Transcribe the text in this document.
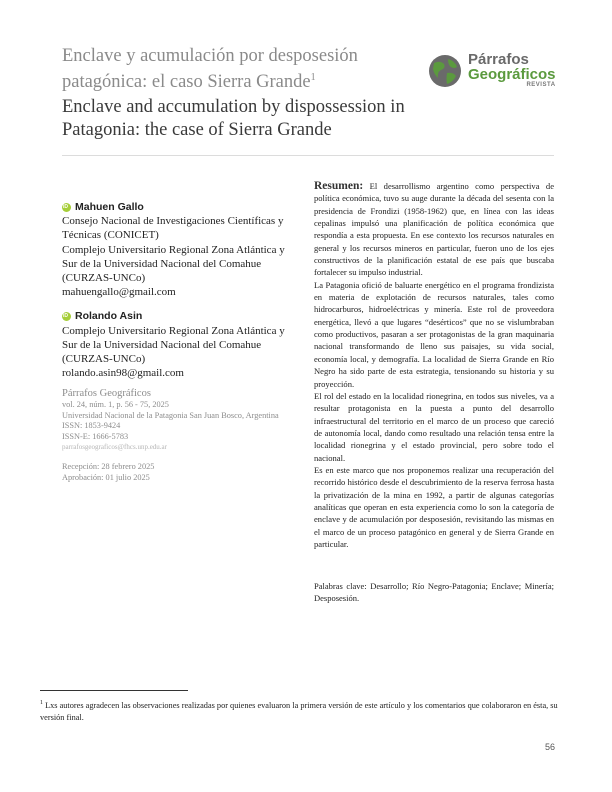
Enclave y acumulación por desposesión patagónica: el caso Sierra Grande$^1$
Enclave and accumulation by dispossession in Patagonia: the case of Sierra Grande
Párrafos
Geográficos
REVISTA
iD
Mahuen Gallo
Consejo Nacional de Investigaciones Científicas y Técnicas (CONICET)
Complejo Universitario Regional Zona Atlántica y Sur de la Universidad Nacional del Comahue (CURZAS-UNCo)
mahuengallo@gmail.com
iD
Rolando Asin
Complejo Universitario Regional Zona Atlántica y Sur de la Universidad Nacional del Comahue (CURZAS-UNCo)
rolando.asin98@gmail.com
Párrafos Geográficos
vol. 24, núm. 1, p. 56 - 75, 2025
Universidad Nacional de la Patagonia San Juan Bosco, Argentina
ISSN: 1853-9424
ISSN-E: 1666-5783
parrafosgeograficos@fhcs.unp.edu.ar
Recepción: 28 febrero 2025
Aprobación: 01 julio 2025

Resumen: El desarrollismo argentino como perspectiva de política económica, tuvo su auge durante la década del sesenta con la presidencia de Frondizi (1958-1962) que, en línea con las ideas cepalinas impulsó una planificación de política económica que respondía a esta propuesta. En ese contexto los recursos naturales en general y los recursos mineros en particular, fueron uno de los ejes constructivos de la planificación estatal de ese país que buscaba fortalecer su impulso industrial.

La Patagonia ofició de baluarte energético en el programa frondizista en materia de explotación de recursos naturales, tales como hidrocarburos, hidroeléctricas y minería. Este rol de proveedora energética, llevó a que lugares “desérticos” que no se vislumbraban como productivos, pasaran a ser protagonistas de la gran maquinaria nacional transformando de lleno sus paisajes, su vida social, economía local, y demografía. La localidad de Sierra Grande en Río Negro ha sido parte de esta estrategia, tensionando su historia y su proyección.

El rol del estado en la localidad rionegrina, en todos sus niveles, va a resultar protagonista en la puesta a punto del desarrollo infraestructural del territorio en el marco de un proceso que careció de autonomía local, dando como resultado una relación tensa entre la localidad rionegrina y el estado provincial, pero sobre todo el nacional.

Es en este marco que nos proponemos realizar una recuperación del recorrido histórico desde el descubrimiento de la reserva ferrosa hasta la privatización de la mina en 1992, a partir de algunas categorías analíticas que operan en esta experiencia como lo son la categoría de enclave y de acumulación por desposesión, revisitando las mismas en el marco de un proceso patagónico en general y de Sierra Grande en particular.

Palabras clave: Desarrollo; Río Negro-Patagonia; Enclave; Minería; Desposesión.
$^1$ Lxs autores agradecen las observaciones realizadas por quienes evaluaron la primera versión de este artículo y los comentarios que colaboraron en ésta, su versión final.
56
